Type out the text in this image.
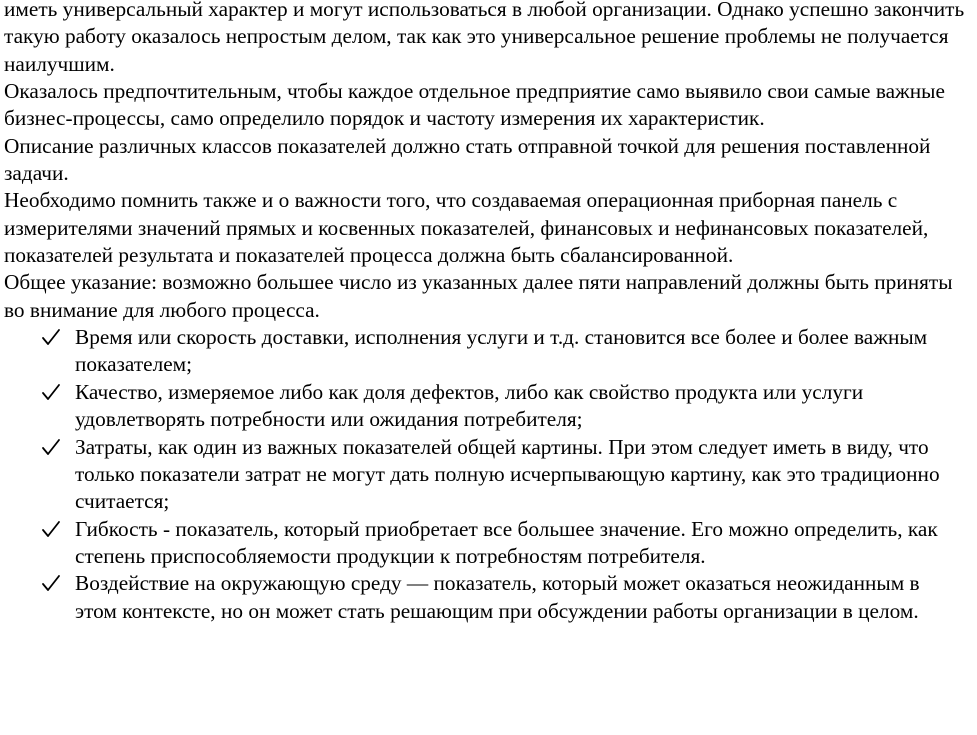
иметь универсальный характер и могут использоваться в любой организации. Однако успешно закончить такую работу оказалось непростым делом, так как это универсальное решение проблемы не получается наилучшим.

Оказалось предпочтительным, чтобы каждое отдельное предприятие само выявило свои самые важные бизнес-процессы, само определило порядок и частоту измерения их характеристик.

Описание различных классов показателей должно стать отправной точкой для решения поставленной задачи.

Необходимо помнить также и о важности того, что создаваемая операционная приборная панель с измерителями значений прямых и косвенных показателей, финансовых и нефинансовых показателей, показателей результата и показателей процесса должна быть сбалансированной.

Общее указание: возможно большее число из указанных далее пяти направлений должны быть приняты во внимание для любого процесса.

Время или скорость доставки, исполнения услуги и т.д. становится все более и более важным показателем;
Качество, измеряемое либо как доля дефектов, либо как свойство продукта или услуги удовлетворять потребности или ожидания потребителя;
Затраты, как один из важных показателей общей картины. При этом следует иметь в виду, что только показатели затрат не могут дать полную исчерпывающую картину, как это традиционно считается;
Гибкость - показатель, который приобретает все большее значение. Его можно определить, как степень приспособляемости продукции к потребностям потребителя.
Воздействие на окружающую среду — показатель, который может оказаться неожиданным в этом контексте, но он может стать решающим при обсуждении работы организации в целом.
